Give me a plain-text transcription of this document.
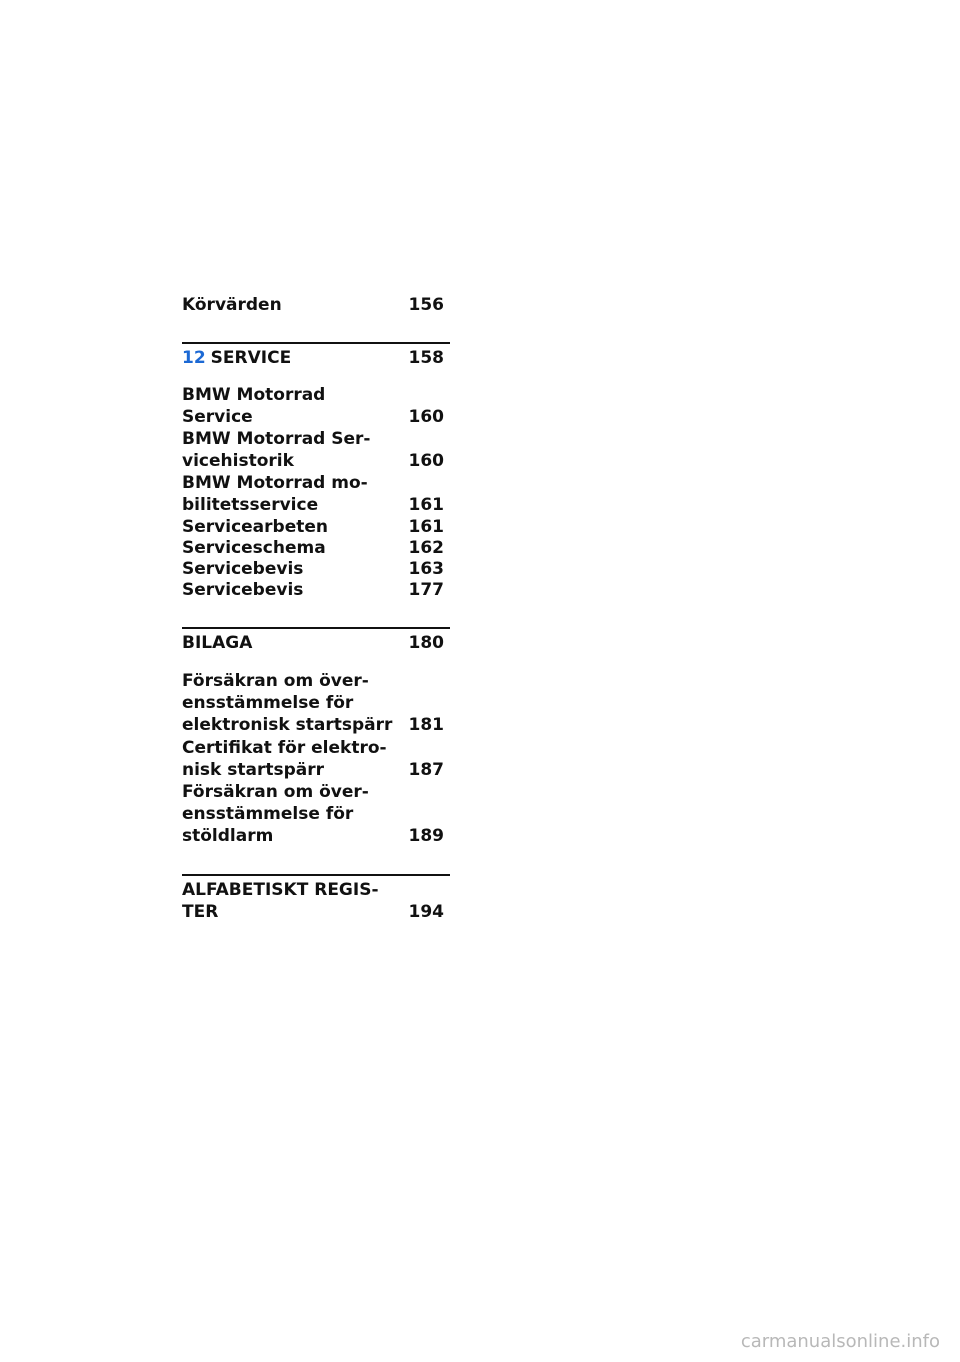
Körvärden	156
12 SERVICE	158
BMW Motorrad
Service	160
BMW Motorrad Ser-
vicehistorik	160
BMW Motorrad mo-
bilitetsservice	161
Servicearbeten	161
Serviceschema	162
Servicebevis	163
Servicebevis	177
BILAGA	180
Försäkran om över-
ensstämmelse för
elektronisk startspärr 181
Certifikat för elektro-
nisk startspärr	187
Försäkran om över-
ensstämmelse för
stöldlarm	189
ALFABETISKT REGIS-
TER	194
carmanualsonline.info
